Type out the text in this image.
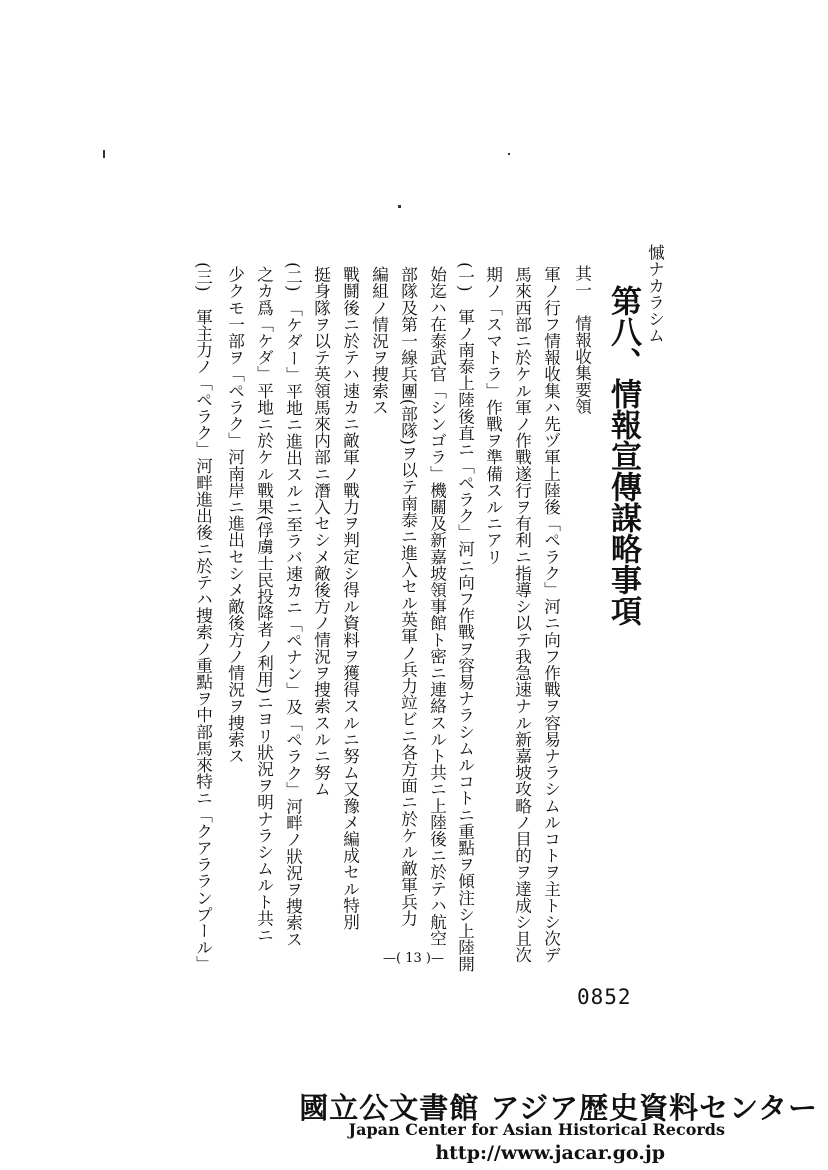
慽ナカラシム
第八、情報宣傳謀略事項
其一　情報收集要領
軍ノ行フ情報收集ハ先ヅ軍上陸後「ペラク」河ニ向フ作戰ヲ容易ナラシムルコトヲ主トシ次デ
馬來西部ニ於ケル軍ノ作戰遂行ヲ有利ニ指導シ以テ我急速ナル新嘉坡攻略ノ目的ヲ達成シ且次
期ノ「スマトラ」作戰ヲ準備スルニアリ
(一)　軍ノ南泰上陸後直ニ「ペラク」河ニ向フ作戰ヲ容易ナラシムルコトニ重點ヲ傾注シ上陸開
始迄ハ在泰武官「シンゴラ」機關及新嘉坡領事館ト密ニ連絡スルト共ニ上陸後ニ於テハ航空
部隊及第一線兵團(部隊)ヲ以テ南泰ニ進入セル英軍ノ兵力竝ビニ各方面ニ於ケル敵軍兵力
編組ノ情況ヲ捜索ス
戰鬪後ニ於テハ速カニ敵軍ノ戰力ヲ判定シ得ル資料ヲ獲得スルニ努ム又豫メ編成セル特別
挺身隊ヲ以テ英領馬來内部ニ潛入セシメ敵後方ノ情況ヲ捜索スルニ努ム
(二)　「ケダー」平地ニ進出スルニ至ラバ速カニ「ペナン」及「ペラク」河畔ノ狀況ヲ捜索ス
之カ爲「ケダ」平地ニ於ケル戰果(俘虜士民投降者ノ利用)ニヨリ狀況ヲ明ナラシムルト共ニ
少クモ一部ヲ「ペラク」河南岸ニ進出セシメ敵後方ノ情況ヲ捜索ス
(三)　軍主力ノ「ペラク」河畔進出後ニ於テハ捜索ノ重點ヲ中部馬來特ニ「クアラランプール」	—( 13 )—
0852
國立公文書館 アジア歴史資料センター
Japan Center for Asian Historical Records
http://www.jacar.go.jp
